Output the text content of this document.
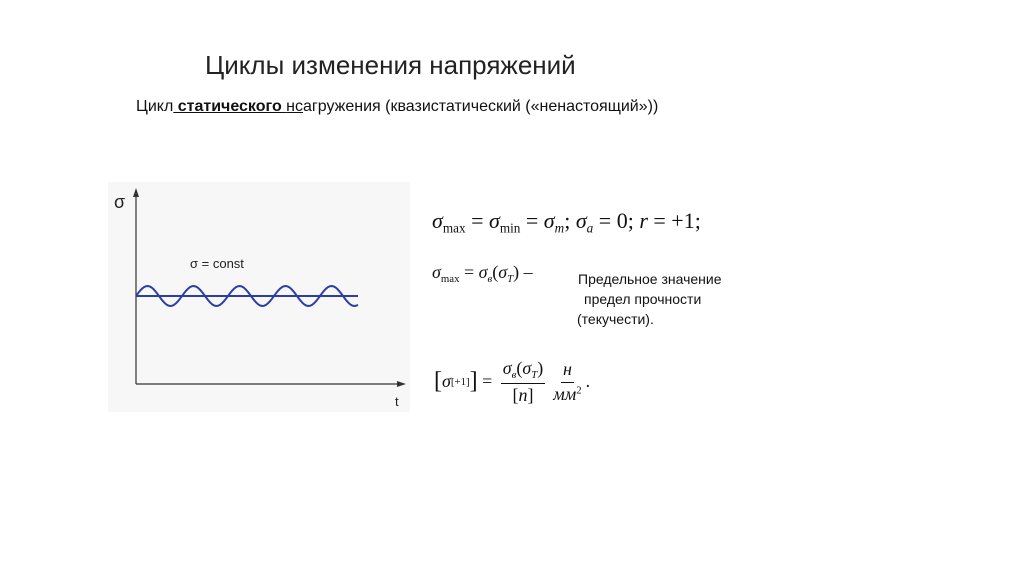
Циклы изменения напряжений
Цикл статического нсагружения (квазистатический («ненастоящий»))
σ
t
σ = const
$\sigma_{max} = \sigma_{min} = \sigma_m$; $\sigma_a = 0$; r = +1;
$\sigma_{max} = \sigma_в(\sigma_T)$ –	Предельное значение
предел прочности
(текучести).
[ σ [+1] ] = $\frac{\sigma_в(\sigma_T)}{[n]} \frac{н}{мм^2}$ .
